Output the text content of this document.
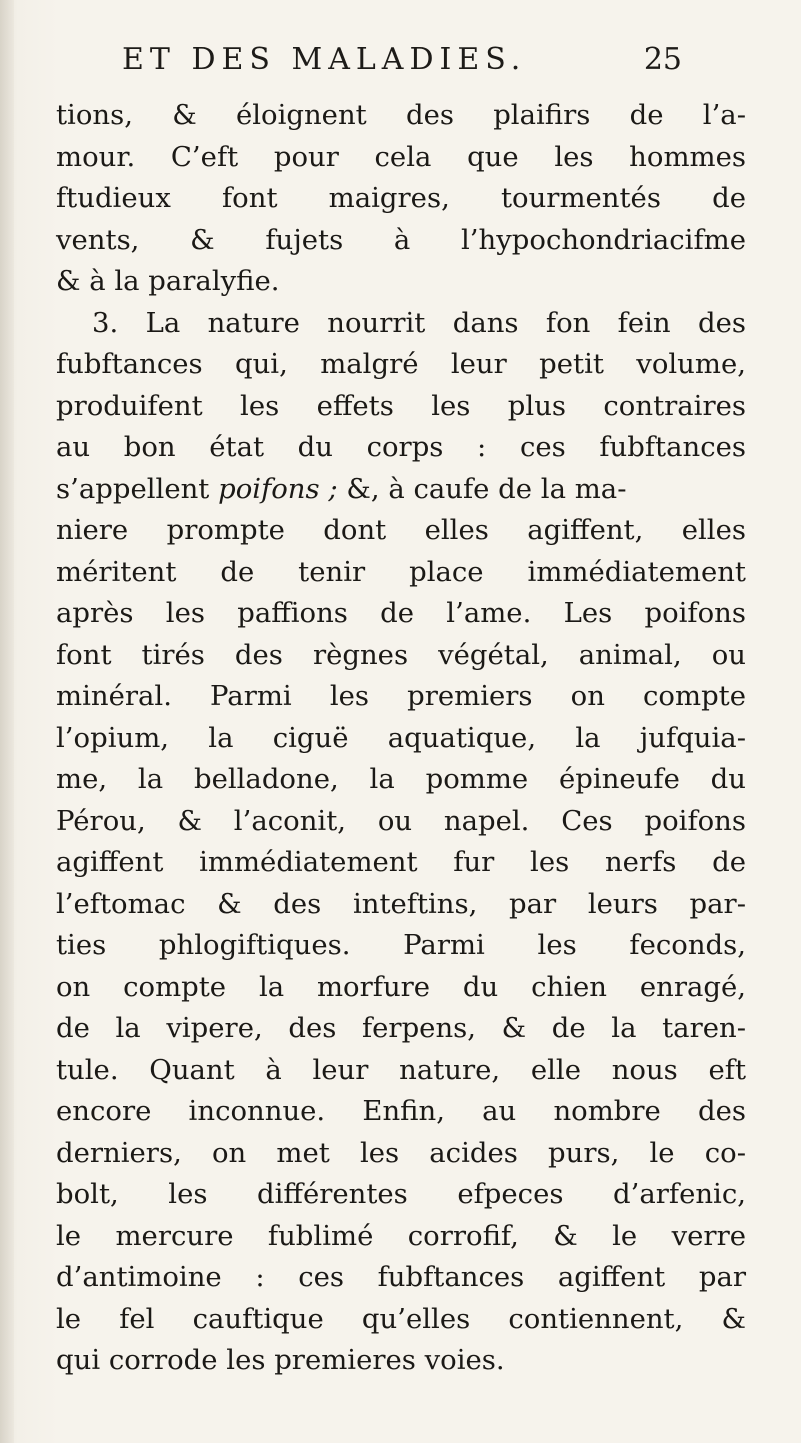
ET DES MALADIES.	25
tions, & éloignent des plaifirs de l’a-
mour. C’eft pour cela que les hommes
ftudieux font maigres, tourmentés de
vents, & fujets à l’hypochondriacifme
& à la paralyfie.
3. La nature nourrit dans fon fein des
fubftances qui, malgré leur petit volume,
produifent les effets les plus contraires
au bon état du corps : ces fubftances
s’appellent poifons ; &, à caufe de la ma-
niere prompte dont elles agiffent, elles
méritent de tenir place immédiatement
après les paffions de l’ame. Les poifons
font tirés des règnes végétal, animal, ou
minéral. Parmi les premiers on compte
l’opium, la ciguë aquatique, la jufquia-
me, la belladone, la pomme épineufe du
Pérou, & l’aconit, ou napel. Ces poifons
agiffent immédiatement fur les nerfs de
l’eftomac & des inteftins, par leurs par-
ties phlogiftiques. Parmi les feconds,
on compte la morfure du chien enragé,
de la vipere, des ferpens, & de la taren-
tule. Quant à leur nature, elle nous eft
encore inconnue. Enfin, au nombre des
derniers, on met les acides purs, le co-
bolt, les différentes efpeces d’arfenic,
le mercure fublimé corrofif, & le verre
d’antimoine : ces fubftances agiffent par
le fel cauftique qu’elles contiennent, &
qui corrode les premieres voies.
